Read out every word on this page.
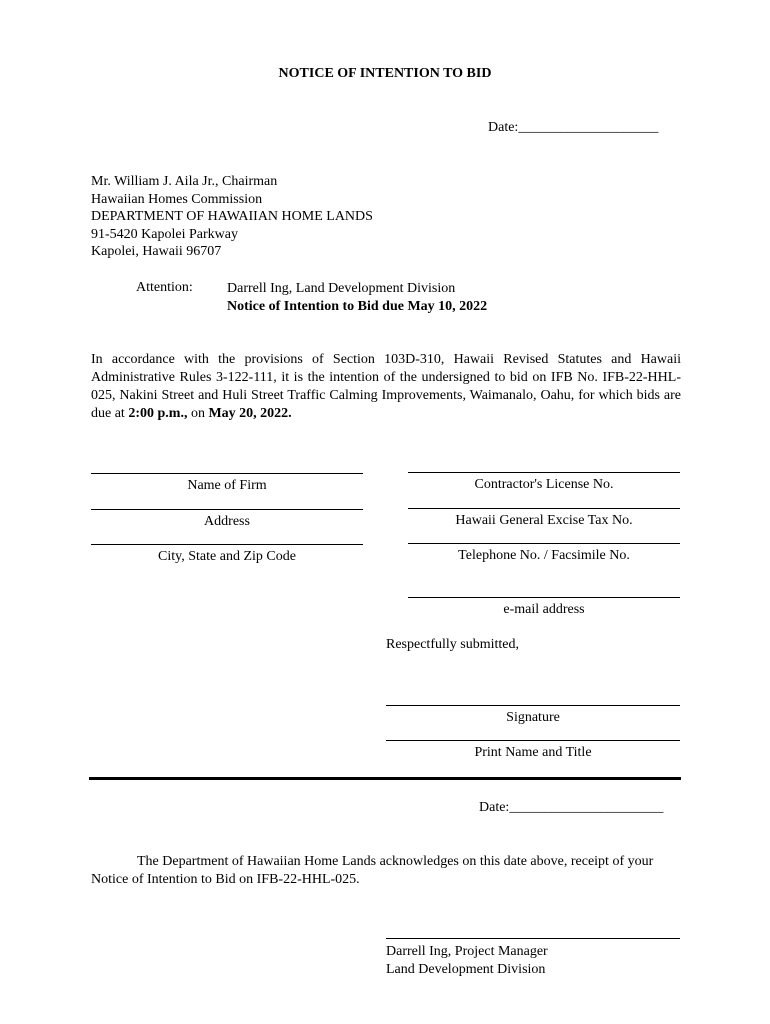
NOTICE OF INTENTION TO BID
Date:____________________
Mr. William J. Aila Jr., Chairman
Hawaiian Homes Commission
DEPARTMENT OF HAWAIIAN HOME LANDS
91-5420 Kapolei Parkway
Kapolei, Hawaii 96707
Attention: Darrell Ing, Land Development Division
Notice of Intention to Bid due May 10, 2022
In accordance with the provisions of Section 103D-310, Hawaii Revised Statutes and Hawaii Administrative Rules 3-122-111, it is the intention of the undersigned to bid on IFB No. IFB-22-HHL-025, Nakini Street and Huli Street Traffic Calming Improvements, Waimanalo, Oahu, for which bids are due at 2:00 p.m., on May 20, 2022.
Name of Firm
Address
City, State and Zip Code
Contractor's License No.
Hawaii General Excise Tax No.
Telephone No. / Facsimile No.
e-mail address
Respectfully submitted,
Signature
Print Name and Title
Date:______________________
The Department of Hawaiian Home Lands acknowledges on this date above, receipt of your Notice of Intention to Bid on IFB-22-HHL-025.
Darrell Ing, Project Manager
Land Development Division
